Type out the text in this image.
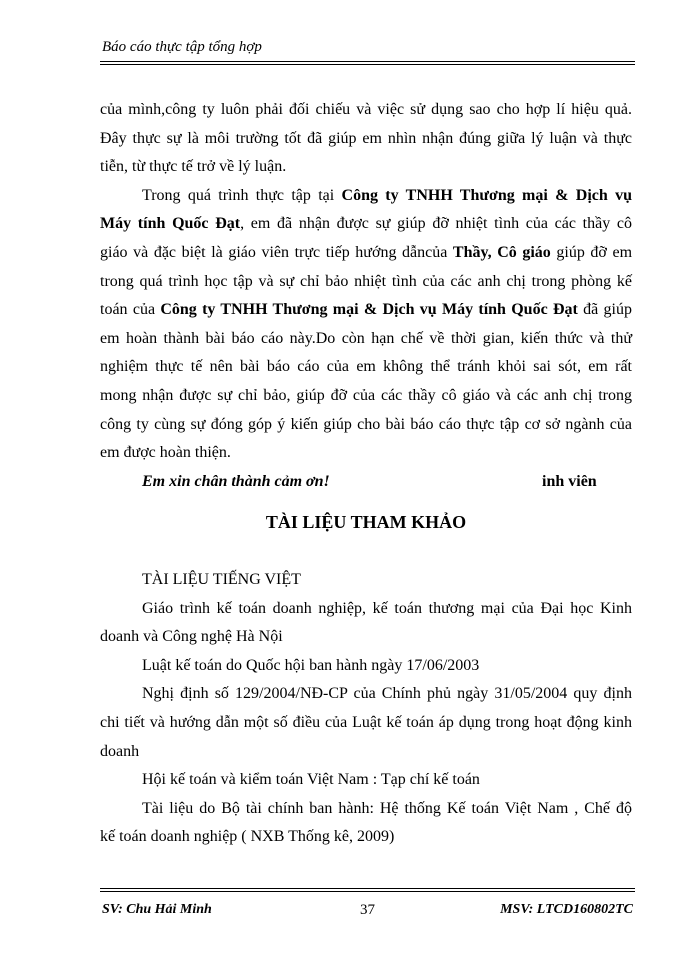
Báo cáo thực tập tổng hợp
của mình,công ty luôn phải đối chiếu và việc sử dụng sao cho hợp lí hiệu quả.
Đây thực sự là môi trường tốt đã giúp em nhìn nhận đúng giữa lý luận và thực
tiễn, từ thực tế trở về lý luận.
Trong quá trình thực tập tại Công ty TNHH Thương mại & Dịch vụ
Máy tính Quốc Đạt, em đã nhận được sự giúp đỡ nhiệt tình của các thầy cô
giáo và đặc biệt là giáo viên trực tiếp hướng dẫncủa Thầy, Cô giáo giúp đỡ em
trong quá trình học tập và sự chỉ bảo nhiệt tình của các anh chị trong phòng kế
toán của Công ty TNHH Thương mại & Dịch vụ Máy tính Quốc Đạt đã giúp
em hoàn thành bài báo cáo này.Do còn hạn chế về thời gian, kiến thức và thử
nghiệm thực tế nên bài báo cáo của em không thể tránh khỏi sai sót, em rất
mong nhận được sự chỉ bảo, giúp đỡ của các thầy cô giáo và các anh chị trong
công ty cùng sự đóng góp ý kiến giúp cho bài báo cáo thực tập cơ sở ngành của
em được hoàn thiện.
Em xin chân thành cảm ơn!	inh viên
TÀI LIỆU THAM KHẢO
TÀI LIỆU TIẾNG VIỆT
Giáo trình kế toán doanh nghiệp, kế toán thương mại của Đại học Kinh
doanh và Công nghệ Hà Nội
Luật kế toán do Quốc hội ban hành ngày 17/06/2003
Nghị định số 129/2004/NĐ-CP của Chính phủ ngày 31/05/2004 quy định
chi tiết và hướng dẫn một số điều của Luật kế toán áp dụng trong hoạt động kinh
doanh
Hội kế toán và kiểm toán Việt Nam : Tạp chí kế toán
Tài liệu do Bộ tài chính ban hành: Hệ thống Kế toán Việt Nam , Chế độ
kế toán doanh nghiệp ( NXB Thống kê, 2009)
SV: Chu Hải Minh	37	MSV: LTCD160802TC
